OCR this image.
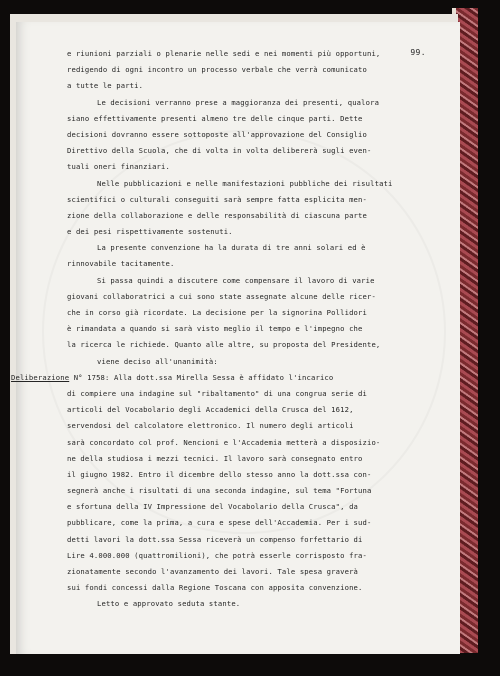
99.
e riunioni parziali o plenarie nelle sedi e nei momenti più opportuni,
redigendo di ogni incontro un processo verbale che verrà comunicato
a tutte le parti.
Le decisioni verranno prese a maggioranza dei presenti, qualora
siano effettivamente presenti almeno tre delle cinque parti. Dette
decisioni dovranno essere sottoposte all'approvazione del Consiglio
Direttivo della Scuola, che di volta in volta delibererà sugli even-
tuali oneri finanziari.
Nelle pubblicazioni e nelle manifestazioni pubbliche dei risultati
scientifici o culturali conseguiti sarà sempre fatta esplicita men-
zione della collaborazione e delle responsabilità di ciascuna parte
e dei pesi rispettivamente sostenuti.
La presente convenzione ha la durata di tre anni solari ed è
rinnovabile tacitamente.
Si passa quindi a discutere come compensare il lavoro di varie
giovani collaboratrici a cui sono state assegnate alcune delle ricer-
che in corso già ricordate. La decisione per la signorina Pollidori
è rimandata a quando si sarà visto meglio il tempo e l'impegno che
la ricerca le richiede. Quanto alle altre, su proposta del Presidente,
viene deciso all'unanimità:
Deliberazione N° 1758: Alla dott.ssa Mirella Sessa è affidato l'incarico
di compiere una indagine sul "ribaltamento" di una congrua serie di
articoli del Vocabolario degli Accademici della Crusca del 1612,
servendosi del calcolatore elettronico. Il numero degli articoli
sarà concordato col prof. Nencioni e l'Accademia metterà a disposizio-
ne della studiosa i mezzi tecnici. Il lavoro sarà consegnato entro
il giugno 1982. Entro il dicembre dello stesso anno la dott.ssa con-
segnerà anche i risultati di una seconda indagine, sul tema "Fortuna
e sfortuna della IV Impressione del Vocabolario della Crusca", da
pubblicare, come la prima, a cura e spese dell'Accademia. Per i sud-
detti lavori la dott.ssa Sessa riceverà un compenso forfettario di
Lire 4.000.000 (quattromilioni), che potrà esserle corrisposto fra-
zionatamente secondo l'avanzamento dei lavori. Tale spesa graverà
sui fondi concessi dalla Regione Toscana con apposita convenzione.
Letto e approvato seduta stante.
